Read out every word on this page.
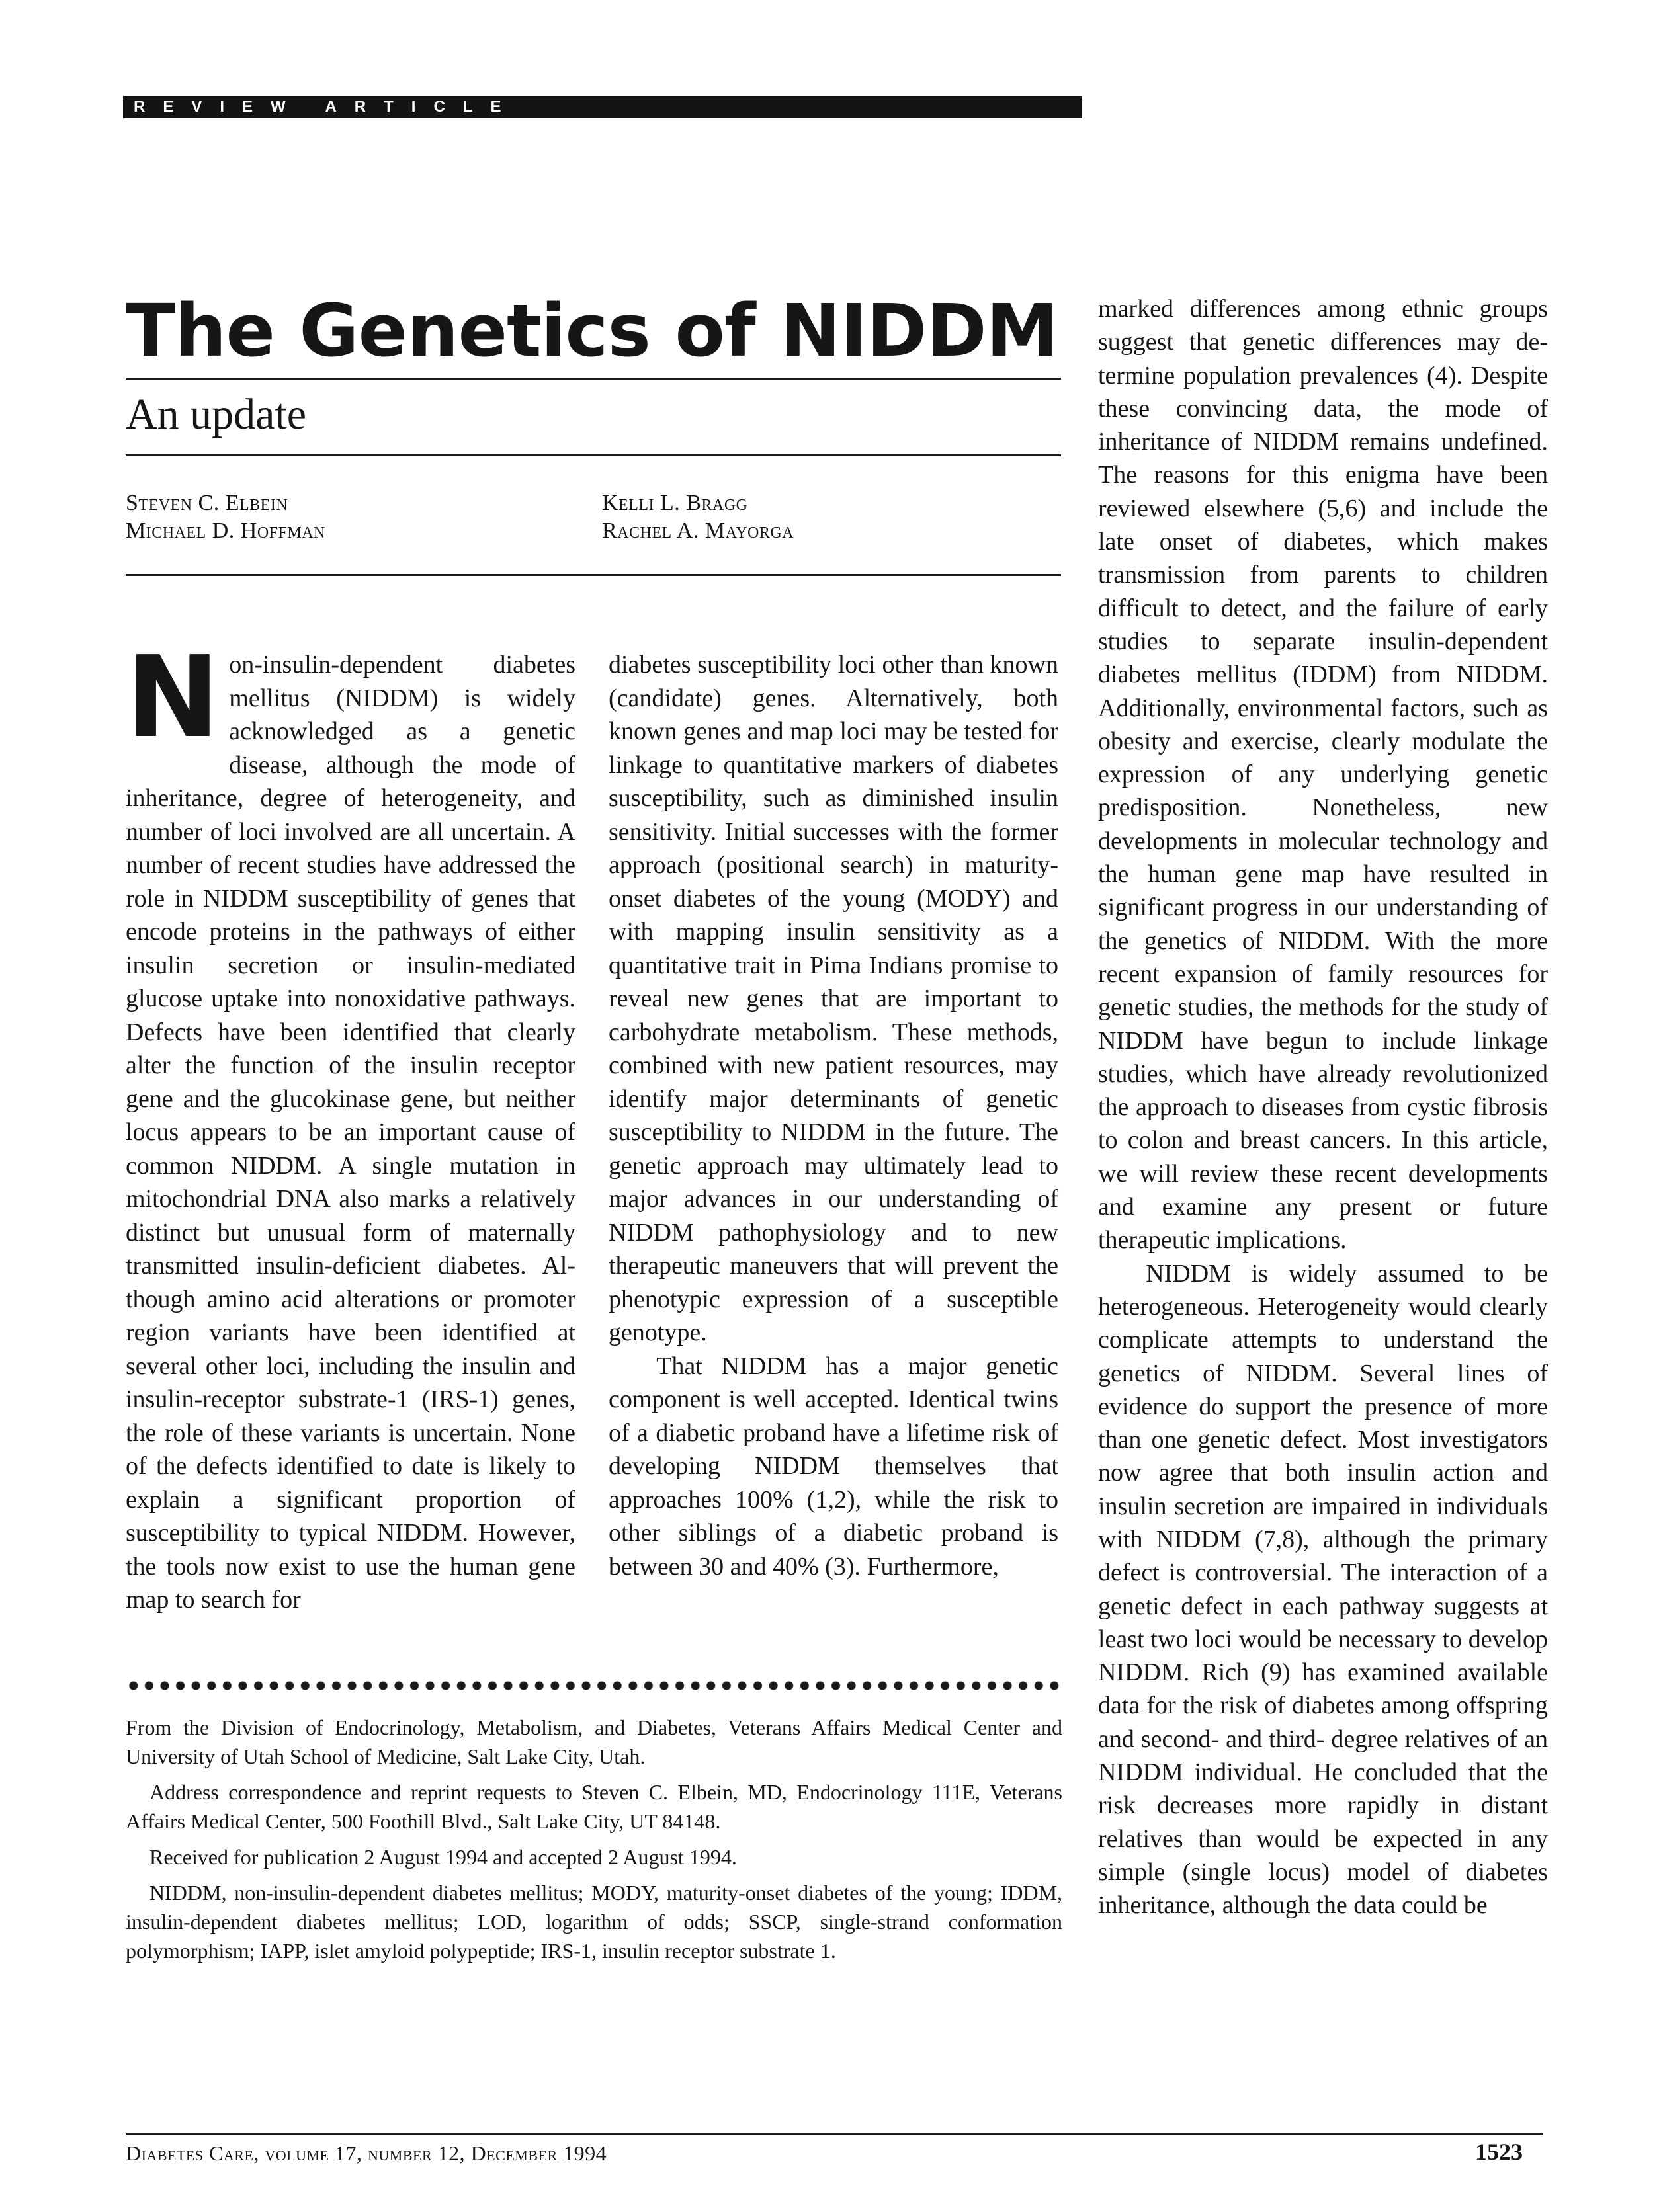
REVIEW ARTICLE
The Genetics of NIDDM
An update
Steven C. Elbein
Michael D. Hoffman
Kelli L. Bragg
Rachel A. Mayorga
N on-insulin-dependent diabetes mellitus (NIDDM) is widely acknowledged as a genetic disease, although the mode of inheritance, degree of heterogeneity, and number of loci involved are all uncertain. A number of recent studies have addressed the role in NIDDM susceptibility of genes that encode proteins in the pathways of either insulin secretion or insulin-mediated glucose uptake into nonoxidative pathways. Defects have been identified that clearly alter the function of the insulin receptor gene and the glucokinase gene, but neither locus appears to be an important cause of common NIDDM. A single mutation in mitochondrial DNA also marks a relatively distinct but unusual form of maternally transmitted insulin-deficient diabetes. Although amino acid alterations or promoter region variants have been identified at several other loci, including the insulin and insulin-receptor substrate-1 (IRS-1) genes, the role of these variants is uncertain. None of the defects identified to date is likely to explain a significant proportion of susceptibility to typical NIDDM. However, the tools now exist to use the human gene map to search for

diabetes susceptibility loci other than known (candidate) genes. Alternatively, both known genes and map loci may be tested for linkage to quantitative markers of diabetes susceptibility, such as diminished insulin sensitivity. Initial successes with the former approach (positional search) in maturity-onset diabetes of the young (MODY) and with mapping insulin sensitivity as a quantitative trait in Pima Indians promise to reveal new genes that are important to carbohydrate metabolism. These methods, combined with new patient resources, may identify major determinants of genetic susceptibility to NIDDM in the future. The genetic approach may ultimately lead to major advances in our understanding of NIDDM pathophysiology and to new therapeutic maneuvers that will prevent the phenotypic expression of a susceptible genotype.

That NIDDM has a major genetic component is well accepted. Identical twins of a diabetic proband have a lifetime risk of developing NIDDM themselves that approaches 100% (1,2), while the risk to other siblings of a diabetic proband is between 30 and 40% (3). Furthermore,

marked differences among ethnic groups suggest that genetic differences may determine population prevalences (4). Despite these convincing data, the mode of inheritance of NIDDM remains undefined. The reasons for this enigma have been reviewed elsewhere (5,6) and include the late onset of diabetes, which makes transmission from parents to children difficult to detect, and the failure of early studies to separate insulin-dependent diabetes mellitus (IDDM) from NIDDM. Additionally, environmental factors, such as obesity and exercise, clearly modulate the expression of any underlying genetic predisposition. Nonetheless, new developments in molecular technology and the human gene map have resulted in significant progress in our understanding of the genetics of NIDDM. With the more recent expansion of family resources for genetic studies, the methods for the study of NIDDM have begun to include linkage studies, which have already revolutionized the approach to diseases from cystic fibrosis to colon and breast cancers. In this article, we will review these recent developments and examine any present or future therapeutic implications.

NIDDM is widely assumed to be heterogeneous. Heterogeneity would clearly complicate attempts to understand the genetics of NIDDM. Several lines of evidence do support the presence of more than one genetic defect. Most investigators now agree that both insulin action and insulin secretion are impaired in individuals with NIDDM (7,8), although the primary defect is controversial. The interaction of a genetic defect in each pathway suggests at least two loci would be necessary to develop NIDDM. Rich (9) has examined available data for the risk of diabetes among offspring and second- and third- degree relatives of an NIDDM individual. He concluded that the risk decreases more rapidly in distant relatives than would be expected in any simple (single locus) model of diabetes inheritance, although the data could be

From the Division of Endocrinology, Metabolism, and Diabetes, Veterans Affairs Medical Center and University of Utah School of Medicine, Salt Lake City, Utah.

Address correspondence and reprint requests to Steven C. Elbein, MD, Endocrinology 111E, Veterans Affairs Medical Center, 500 Foothill Blvd., Salt Lake City, UT 84148.

Received for publication 2 August 1994 and accepted 2 August 1994.

NIDDM, non-insulin-dependent diabetes mellitus; MODY, maturity-onset diabetes of the young; IDDM, insulin-dependent diabetes mellitus; LOD, logarithm of odds; SSCP, single-strand conformation polymorphism; IAPP, islet amyloid polypeptide; IRS-1, insulin receptor substrate 1.

Diabetes Care, volume 17, number 12, December 1994	1523
